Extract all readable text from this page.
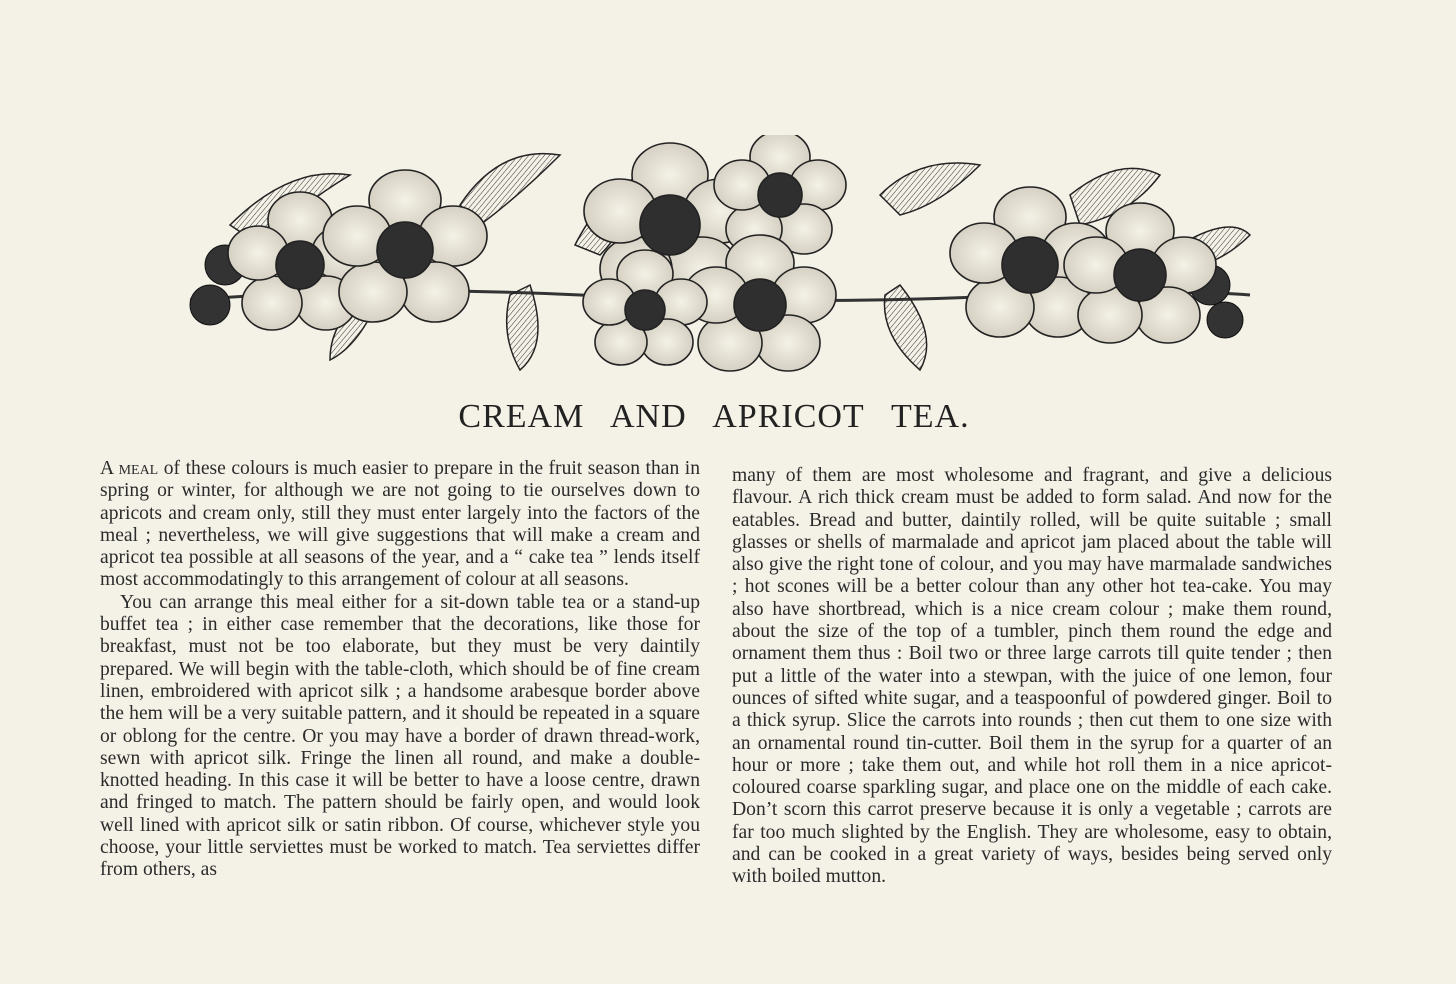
CREAM AND APRICOT TEA.

A meal of these colours is much easier to prepare in the fruit season than in spring or winter, for although we are not going to tie ourselves down to apricots and cream only, still they must enter largely into the factors of the meal ; nevertheless, we will give suggestions that will make a cream and apricot tea possible at all seasons of the year, and a “ cake tea ” lends itself most accommodatingly to this arrangement of colour at all seasons.

You can arrange this meal either for a sit-down table tea or a stand-up buffet tea ; in either case remember that the decorations, like those for breakfast, must not be too elaborate, but they must be very daintily prepared. We will begin with the table-cloth, which should be of fine cream linen, embroidered with apricot silk ; a handsome arabesque border above the hem will be a very suitable pattern, and it should be repeated in a square or oblong for the centre. Or you may have a border of drawn thread-work, sewn with apricot silk. Fringe the linen all round, and make a double-knotted heading. In this case it will be better to have a loose centre, drawn and fringed to match. The pattern should be fairly open, and would look well lined with apricot silk or satin ribbon. Of course, whichever style you choose, your little serviettes must be worked to match. Tea serviettes differ from others, as

many of them are most wholesome and fragrant, and give a delicious flavour. A rich thick cream must be added to form salad. And now for the eatables. Bread and butter, daintily rolled, will be quite suitable ; small glasses or shells of marmalade and apricot jam placed about the table will also give the right tone of colour, and you may have marmalade sandwiches ; hot scones will be a better colour than any other hot tea-cake. You may also have shortbread, which is a nice cream colour ; make them round, about the size of the top of a tumbler, pinch them round the edge and ornament them thus : Boil two or three large carrots till quite tender ; then put a little of the water into a stewpan, with the juice of one lemon, four ounces of sifted white sugar, and a teaspoonful of powdered ginger. Boil to a thick syrup. Slice the carrots into rounds ; then cut them to one size with an ornamental round tin-cutter. Boil them in the syrup for a quarter of an hour or more ; take them out, and while hot roll them in a nice apricot-coloured coarse sparkling sugar, and place one on the middle of each cake. Don’t scorn this carrot preserve because it is only a vegetable ; carrots are far too much slighted by the English. They are wholesome, easy to obtain, and can be cooked in a great variety of ways, besides being served only with boiled mutton.
